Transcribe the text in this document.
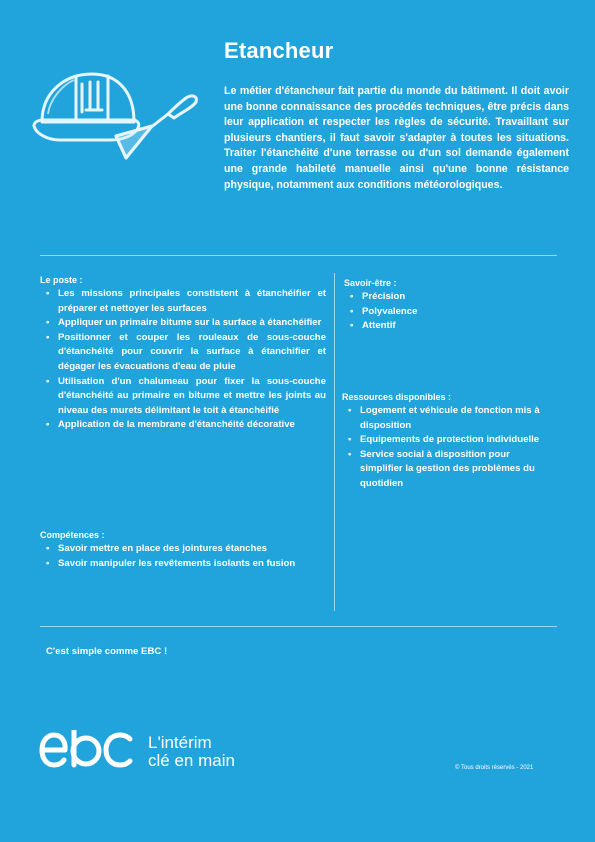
Etancheur
Le métier d'étancheur fait partie du monde du bâtiment. Il doit avoir une bonne connaissance des procédés techniques, être précis dans leur application et respecter les règles de sécurité. Travaillant sur plusieurs chantiers, il faut savoir s'adapter à toutes les situations. Traiter l'étanchéité d'une terrasse ou d'un sol demande également une grande habileté manuelle ainsi qu'une bonne résistance physique, notamment aux conditions météorologiques.
Le poste :
• Les missions principales constistent à étanchéifier et préparer et nettoyer les surfaces
• Appliquer un primaire bitume sur la surface à étanchéifier
• Positionner et couper les rouleaux de sous-couche d'étanchéité pour couvrir la surface à étanchifier et dégager les évacuations d'eau de pluie
• Utilisation d'un chalumeau pour fixer la sous-couche d'étanchéité au primaire en bitume et mettre les joints au niveau des murets délimitant le toit à étanchéifié
• Application de la membrane d'étanchéité décorative
Savoir-être :
• Précision
• Polyvalence
• Attentif
Ressources disponibles :
• Logement et véhicule de fonction mis à disposition
• Equipements de protection individuelle
• Service social à disposition pour simplifier la gestion des problèmes du quotidien
Compétences :
• Savoir mettre en place des jointures étanches
• Savoir manipuler les revêtements isolants en fusion
C'est simple comme EBC !
L'intérim
clé en main	© Tous droits réservés - 2021
